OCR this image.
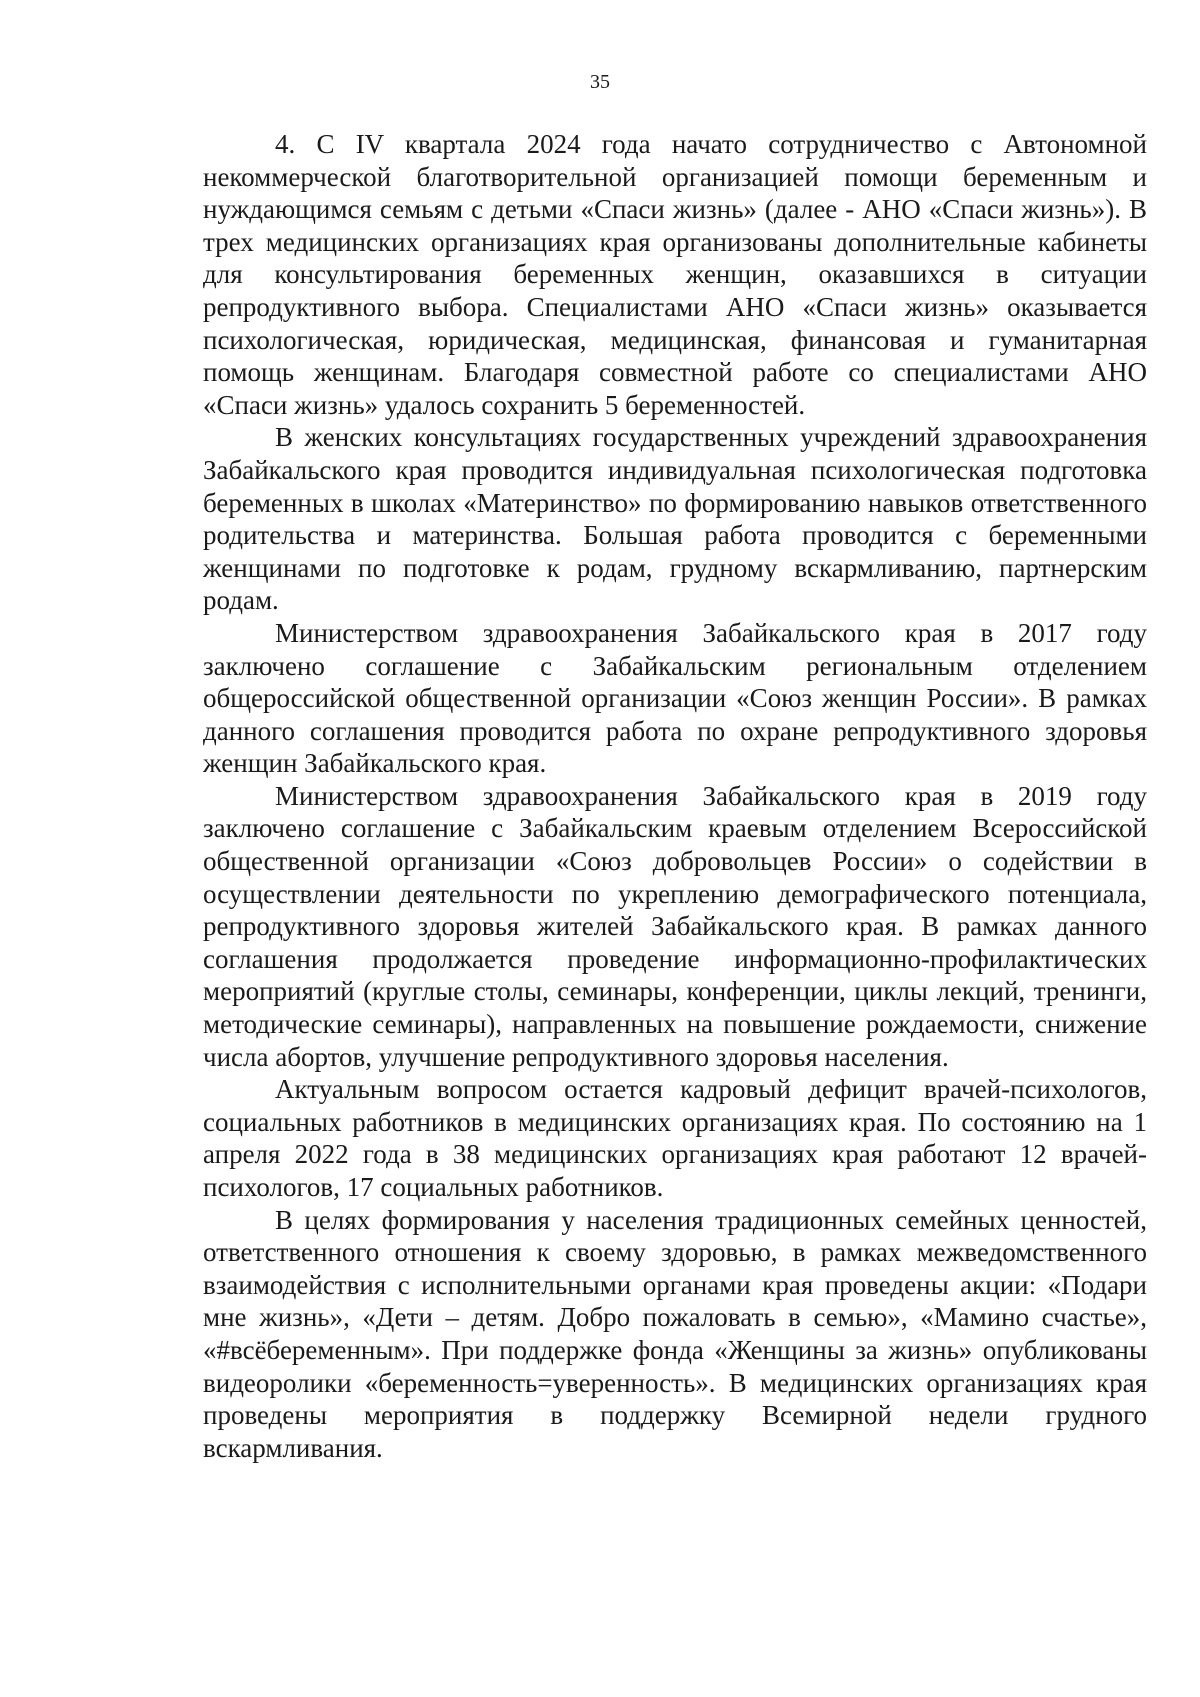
35

4. С IV квартала 2024 года начато сотрудничество с Автономной некоммерческой благотворительной организацией помощи беременным и нуждающимся семьям с детьми «Спаси жизнь» (далее - АНО «Спаси жизнь»). В трех медицинских организациях края организованы дополнительные кабинеты для консультирования беременных женщин, оказавшихся в ситуации репродуктивного выбора. Специалистами АНО «Спаси жизнь» оказывается психологическая, юридическая, медицинская, финансовая и гуманитарная помощь женщинам. Благодаря совместной работе со специалистами АНО «Спаси жизнь» удалось сохранить 5 беременностей.

В женских консультациях государственных учреждений здравоохранения Забайкальского края проводится индивидуальная психологическая подготовка беременных в школах «Материнство» по формированию навыков ответственного родительства и материнства. Большая работа проводится с беременными женщинами по подготовке к родам, грудному вскармливанию, партнерским родам.

Министерством здравоохранения Забайкальского края в 2017 году заключено соглашение с Забайкальским региональным отделением общероссийской общественной организации «Союз женщин России». В рамках данного соглашения проводится работа по охране репродуктивного здоровья женщин Забайкальского края.

Министерством здравоохранения Забайкальского края в 2019 году заключено соглашение с Забайкальским краевым отделением Всероссийской общественной организации «Союз добровольцев России» о содействии в осуществлении деятельности по укреплению демографического потенциала, репродуктивного здоровья жителей Забайкальского края. В рамках данного соглашения продолжается проведение информационно-профилактических мероприятий (круглые столы, семинары, конференции, циклы лекций, тренинги, методические семинары), направленных на повышение рождаемости, снижение числа абортов, улучшение репродуктивного здоровья населения.

Актуальным вопросом остается кадровый дефицит врачей-психологов, социальных работников в медицинских организациях края. По состоянию на 1 апреля 2022 года в 38 медицинских организациях края работают 12 врачей-психологов, 17 социальных работников.

В целях формирования у населения традиционных семейных ценностей, ответственного отношения к своему здоровью, в рамках межведомственного взаимодействия с исполнительными органами края проведены акции: «Подари мне жизнь», «Дети – детям. Добро пожаловать в семью», «Мамино счастье», «#всёбеременным». При поддержке фонда «Женщины за жизнь» опубликованы видеоролики «беременность=уверенность». В медицинских организациях края проведены мероприятия в поддержку Всемирной недели грудного вскармливания.
